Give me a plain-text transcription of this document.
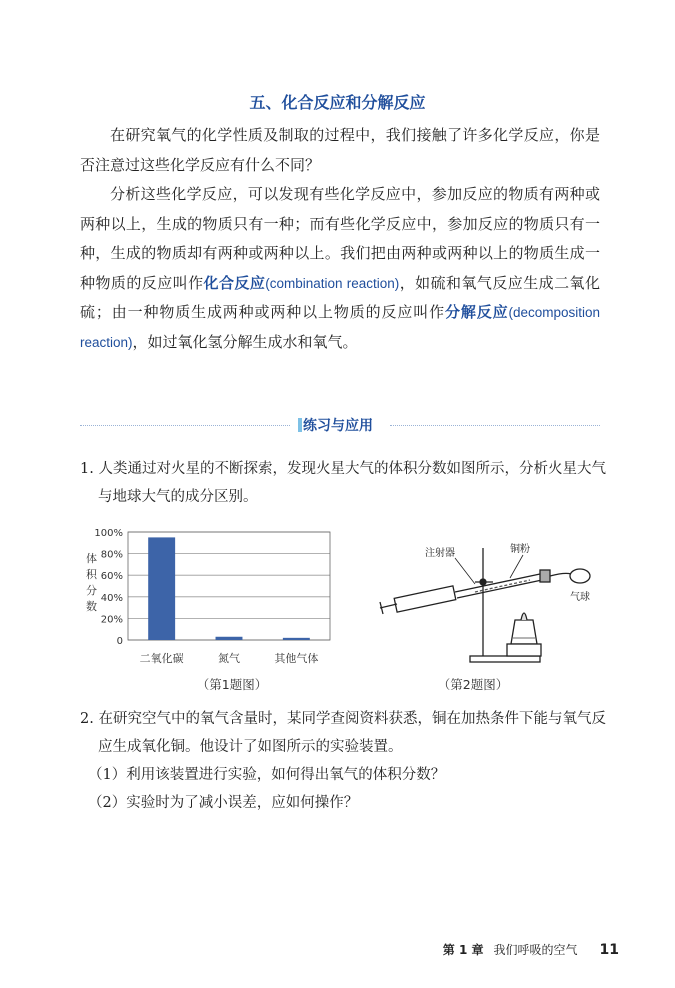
五、化合反应和分解反应

在研究氧气的化学性质及制取的过程中，我们接触了许多化学反应，你是否注意过这些化学反应有什么不同？

分析这些化学反应，可以发现有些化学反应中，参加反应的物质有两种或两种以上，生成的物质只有一种；而有些化学反应中，参加反应的物质只有一种，生成的物质却有两种或两种以上。我们把由两种或两种以上的物质生成一种物质的反应叫作化合反应(combination reaction)，如硫和氧气反应生成二氧化硫；由一种物质生成两种或两种以上物质的反应叫作分解反应(decomposition reaction)，如过氧化氢分解生成水和氧气。

练习与应用

1. 人类通过对火星的不断探索，发现火星大气的体积分数如图所示，分析火星大气与地球大气的成分区别。

体积分数
0
20%
40%
60%
80%
100%
二氧化碳	氮气	其他气体
（第1题图）
注射器	铜粉
气球
（第2题图）

2. 在研究空气中的氧气含量时，某同学查阅资料获悉，铜在加热条件下能与氧气反应生成氧化铜。他设计了如图所示的实验装置。

（1）利用该装置进行实验，如何得出氧气的体积分数？

（2）实验时为了减小误差，应如何操作？

第 1 章 我们呼吸的空气 11
